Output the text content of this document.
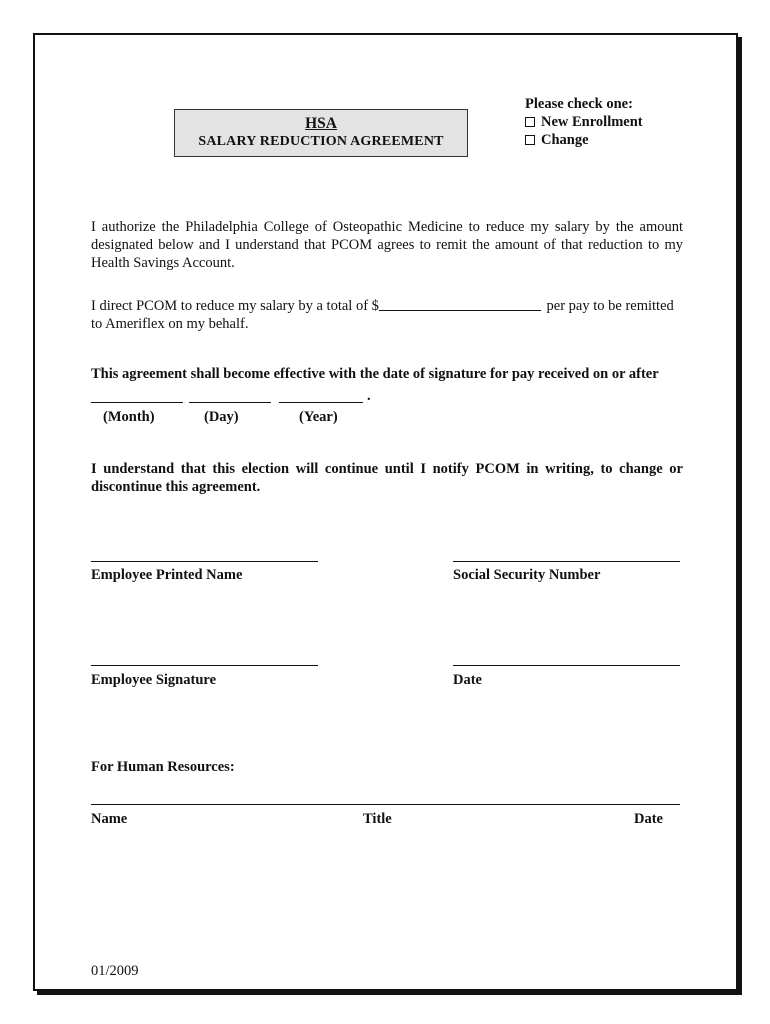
HSA
SALARY REDUCTION AGREEMENT
Please check one:
New Enrollment
Change
I authorize the Philadelphia College of Osteopathic Medicine to reduce my salary by the amount designated below and I understand that PCOM agrees to remit the amount of that reduction to my Health Savings Account.
I direct PCOM to reduce my salary by a total of $	per pay to be remitted
to Ameriflex on my behalf.
This agreement shall become effective with the date of signature for pay received on or after
.
(Month)	(Day)	(Year)
I understand that this election will continue until I notify PCOM in writing, to change or discontinue this agreement.
Employee Printed Name	Social Security Number
Employee Signature	Date
For Human Resources:
Name	Title	Date
01/2009
